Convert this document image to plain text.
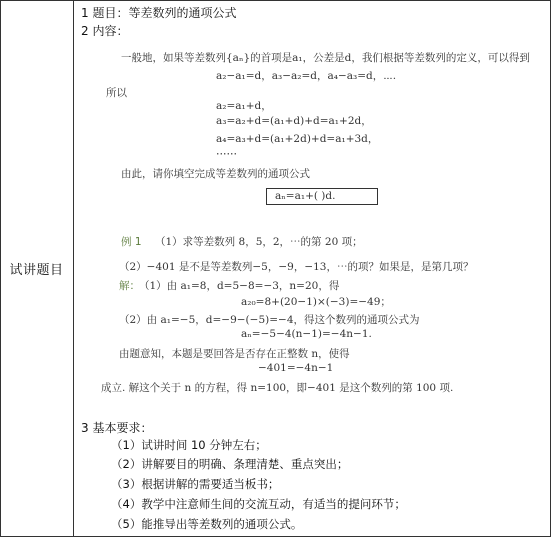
试讲题目
1 题目：等差数列的通项公式
2 内容：
一般地，如果等差数列{aₙ}的首项是a₁，公差是d，我们根据等差数列的定义，可以得到
a₂−a₁=d，a₃−a₂=d，a₄−a₃=d，⋯.
所以
a₂=a₁+d，
a₃=a₂+d=(a₁+d)+d=a₁+2d，
a₄=a₃+d=(a₁+2d)+d=a₁+3d，
⋯⋯
由此，请你填空完成等差数列的通项公式
aₙ=a₁+( )d.
例 1 （1）求等差数列 8，5，2，⋯的第 20 项；
（2）−401 是不是等差数列−5，−9，−13，⋯的项？如果是，是第几项？
解： （1）由 a₁=8，d=5−8=−3，n=20，得
a₂₀=8+(20−1)×(−3)=−49；
（2）由 a₁=−5，d=−9−(−5)=−4，得这个数列的通项公式为
aₙ=−5−4(n−1)=−4n−1.
由题意知，本题是要回答是否存在正整数 n，使得
−401=−4n−1
成立. 解这个关于 n 的方程，得 n=100，即−401 是这个数列的第 100 项.
3 基本要求：
（1）试讲时间 10 分钟左右；
（2）讲解要目的明确、条理清楚、重点突出；
（3）根据讲解的需要适当板书；
（4）教学中注意师生间的交流互动，有适当的提问环节；
（5）能推导出等差数列的通项公式。
